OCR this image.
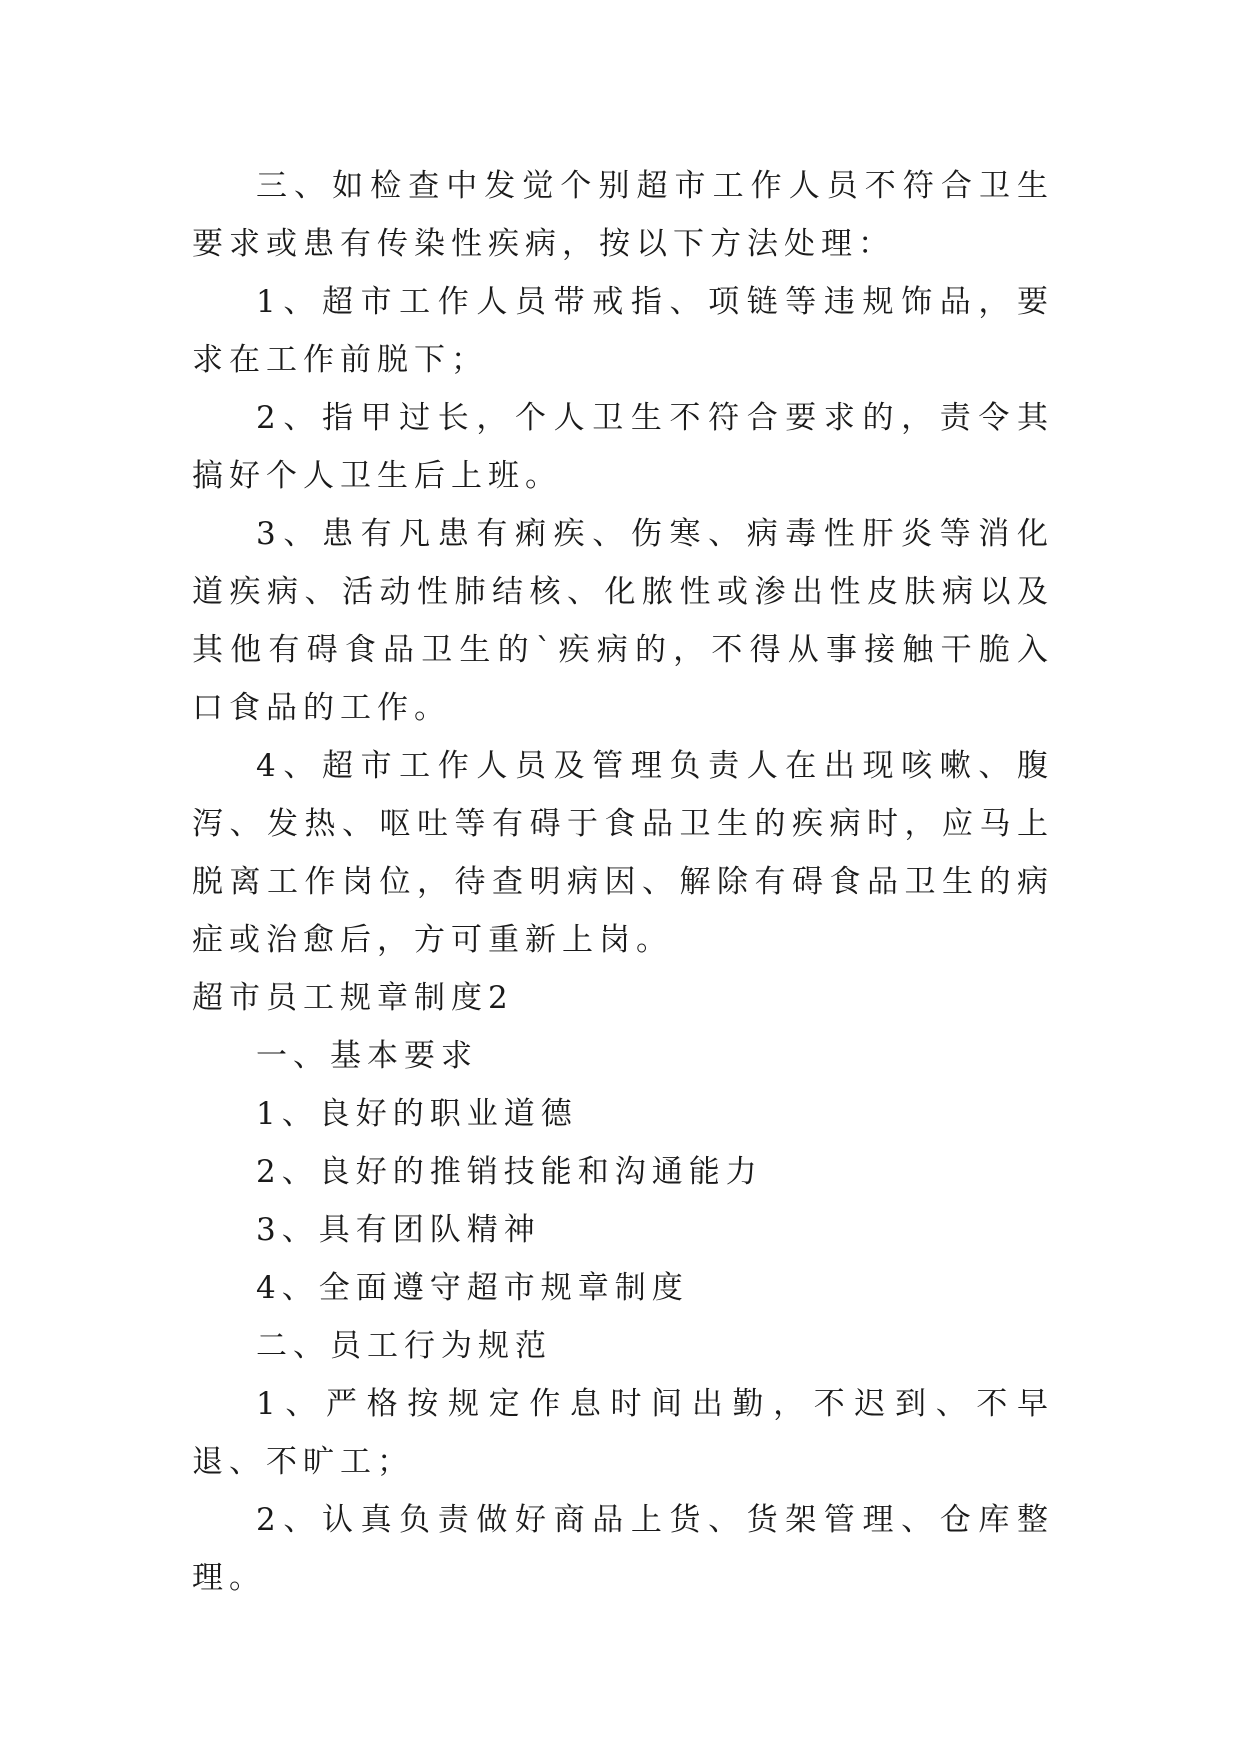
三、如检查中发觉个别超市工作人员不符合卫生要求或患有传染性疾病，按以下方法处理：

1、超市工作人员带戒指、项链等违规饰品，要求在工作前脱下；

2、指甲过长，个人卫生不符合要求的，责令其搞好个人卫生后上班。

3、患有凡患有痢疾、伤寒、病毒性肝炎等消化道疾病、活动性肺结核、化脓性或渗出性皮肤病以及其他有碍食品卫生的`疾病的，不得从事接触干脆入口食品的工作。

4、超市工作人员及管理负责人在出现咳嗽、腹泻、发热、呕吐等有碍于食品卫生的疾病时，应马上脱离工作岗位，待查明病因、解除有碍食品卫生的病症或治愈后，方可重新上岗。

超市员工规章制度2

一、基本要求

1、良好的职业道德

2、良好的推销技能和沟通能力

3、具有团队精神

4、全面遵守超市规章制度

二、员工行为规范

1、严格按规定作息时间出勤，不迟到、不早退、不旷工；

2、认真负责做好商品上货、货架管理、仓库整理。
